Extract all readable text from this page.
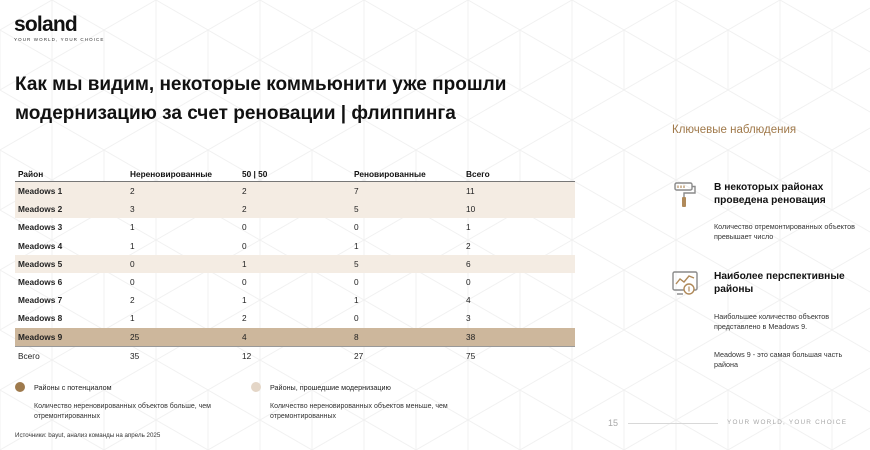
soland
YOUR WORLD, YOUR CHOICE
Как мы видим, некоторые коммьюнити уже прошли модернизацию за счет реновации | флиппинга
Район	Нереновированные	50 | 50	Реновированные	Всего
Meadows 1	2	2	7	11
Meadows 2	3	2	5	10
Meadows 3	1	0	0	1
Meadows 4	1	0	1	2
Meadows 5	0	1	5	6
Meadows 6	0	0	0	0
Meadows 7	2	1	1	4
Meadows 8	1	2	0	3
Meadows 9	25	4	8	38
Всего	35	12	27	75
Районы с потенциалом
Количество нереновированных объектов больше, чем отремонтированных
Районы, прошедшие модернизацию
Количество нереновированных объектов меньше, чем отремонтированных
Источники: bayut, анализ команды на апрель 2025
15	YOUR WORLD, YOUR CHOICE
Ключевые наблюдения
В некоторых районах проведена реновация
Количество отремонтированных объектов превышает число
Наиболее перспективные районы
Наибольшее количество объектов представлено в Meadows 9.
Meadows 9 - это самая большая часть района
